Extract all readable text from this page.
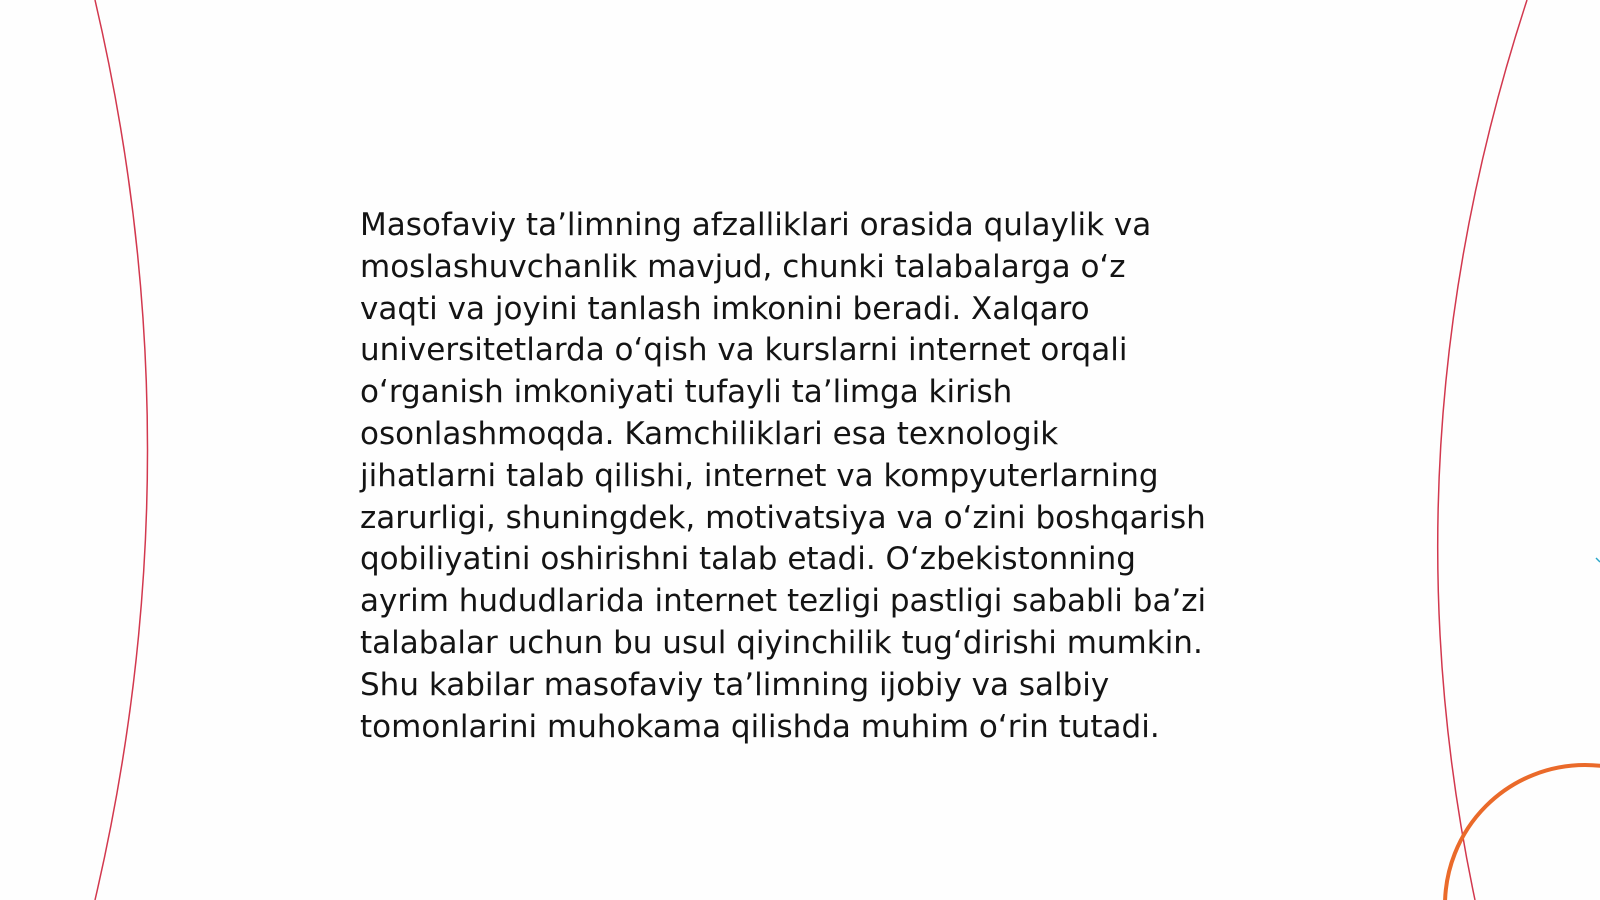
Masofaviy ta’limning afzalliklari orasida qulaylik va
moslashuvchanlik mavjud, chunki talabalarga o‘z
vaqti va joyini tanlash imkonini beradi. Xalqaro
universitetlarda o‘qish va kurslarni internet orqali
o‘rganish imkoniyati tufayli ta’limga kirish
osonlashmoqda. Kamchiliklari esa texnologik
jihatlarni talab qilishi, internet va kompyuterlarning
zarurligi, shuningdek, motivatsiya va o‘zini boshqarish
qobiliyatini oshirishni talab etadi. O‘zbekistonning
ayrim hududlarida internet tezligi pastligi sababli ba’zi
talabalar uchun bu usul qiyinchilik tug‘dirishi mumkin.
Shu kabilar masofaviy ta’limning ijobiy va salbiy
tomonlarini muhokama qilishda muhim o‘rin tutadi.
